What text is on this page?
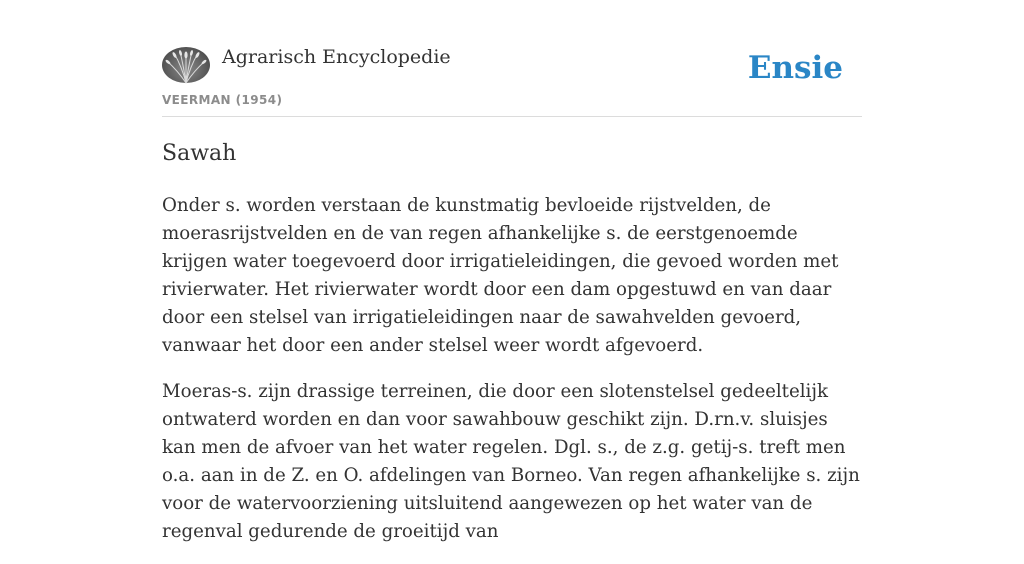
Agrarisch Encyclopedie
VEERMAN (1954)
Ensie
Sawah

Onder s. worden verstaan de kunstmatig bevloeide rijstvelden, de moerasrijstvelden en de van regen afhankelijke s. de eerstgenoemde krijgen water toegevoerd door irrigatieleidingen, die gevoed worden met rivierwater. Het rivierwater wordt door een dam opgestuwd en van daar door een stelsel van irrigatieleidingen naar de sawahvelden gevoerd, vanwaar het door een ander stelsel weer wordt afgevoerd.

Moeras-s. zijn drassige terreinen, die door een slotenstelsel gedeeltelijk ontwaterd worden en dan voor sawahbouw geschikt zijn. D.rn.v. sluisjes kan men de afvoer van het water regelen. Dgl. s., de z.g. getij-s. treft men o.a. aan in de Z. en O. afdelingen van Borneo. Van regen afhankelijke s. zijn voor de watervoorziening uitsluitend aangewezen op het water van de regenval gedurende de groeitijd van
